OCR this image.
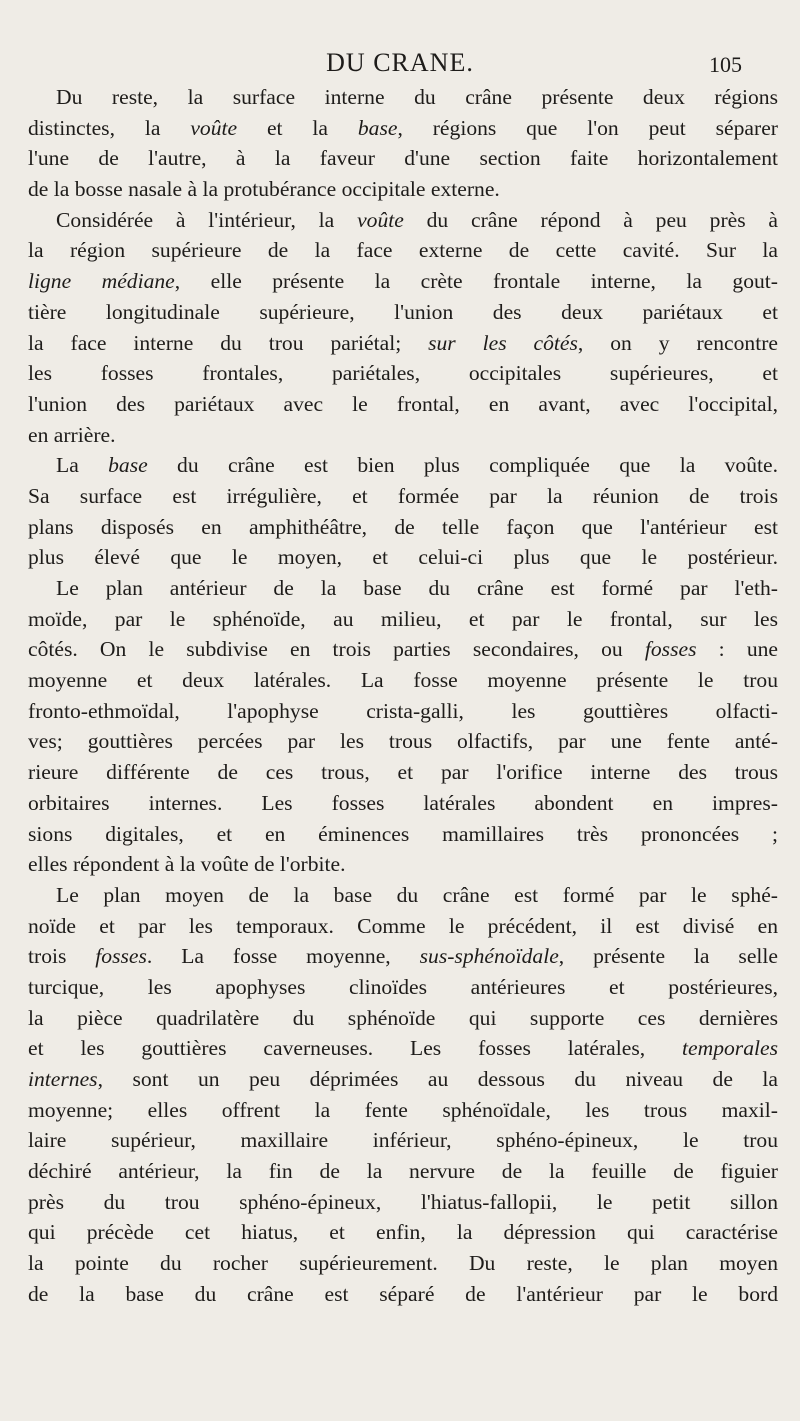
DU CRANE.	105
Du reste, la surface interne du crâne présente deux régions
distinctes, la voûte et la base, régions que l'on peut séparer
l'une de l'autre, à la faveur d'une section faite horizontalement
de la bosse nasale à la protubérance occipitale externe.
Considérée à l'intérieur, la voûte du crâne répond à peu près à
la région supérieure de la face externe de cette cavité. Sur la
ligne médiane, elle présente la crète frontale interne, la gout-
tière longitudinale supérieure, l'union des deux pariétaux et
la face interne du trou pariétal; sur les côtés, on y rencontre
les fosses frontales, pariétales, occipitales supérieures, et
l'union des pariétaux avec le frontal, en avant, avec l'occipital,
en arrière.
La base du crâne est bien plus compliquée que la voûte.
Sa surface est irrégulière, et formée par la réunion de trois
plans disposés en amphithéâtre, de telle façon que l'antérieur est
plus élevé que le moyen, et celui-ci plus que le postérieur.
Le plan antérieur de la base du crâne est formé par l'eth-
moïde, par le sphénoïde, au milieu, et par le frontal, sur les
côtés. On le subdivise en trois parties secondaires, ou fosses : une
moyenne et deux latérales. La fosse moyenne présente le trou
fronto-ethmoïdal, l'apophyse crista-galli, les gouttières olfacti-
ves; gouttières percées par les trous olfactifs, par une fente anté-
rieure différente de ces trous, et par l'orifice interne des trous
orbitaires internes. Les fosses latérales abondent en impres-
sions digitales, et en éminences mamillaires très prononcées ;
elles répondent à la voûte de l'orbite.
Le plan moyen de la base du crâne est formé par le sphé-
noïde et par les temporaux. Comme le précédent, il est divisé en
trois fosses. La fosse moyenne, sus-sphénoïdale, présente la selle
turcique, les apophyses clinoïdes antérieures et postérieures,
la pièce quadrilatère du sphénoïde qui supporte ces dernières
et les gouttières caverneuses. Les fosses latérales, temporales
internes, sont un peu déprimées au dessous du niveau de la
moyenne; elles offrent la fente sphénoïdale, les trous maxil-
laire supérieur, maxillaire inférieur, sphéno-épineux, le trou
déchiré antérieur, la fin de la nervure de la feuille de figuier
près du trou sphéno-épineux, l'hiatus-fallopii, le petit sillon
qui précède cet hiatus, et enfin, la dépression qui caractérise
la pointe du rocher supérieurement. Du reste, le plan moyen
de la base du crâne est séparé de l'antérieur par le bord
